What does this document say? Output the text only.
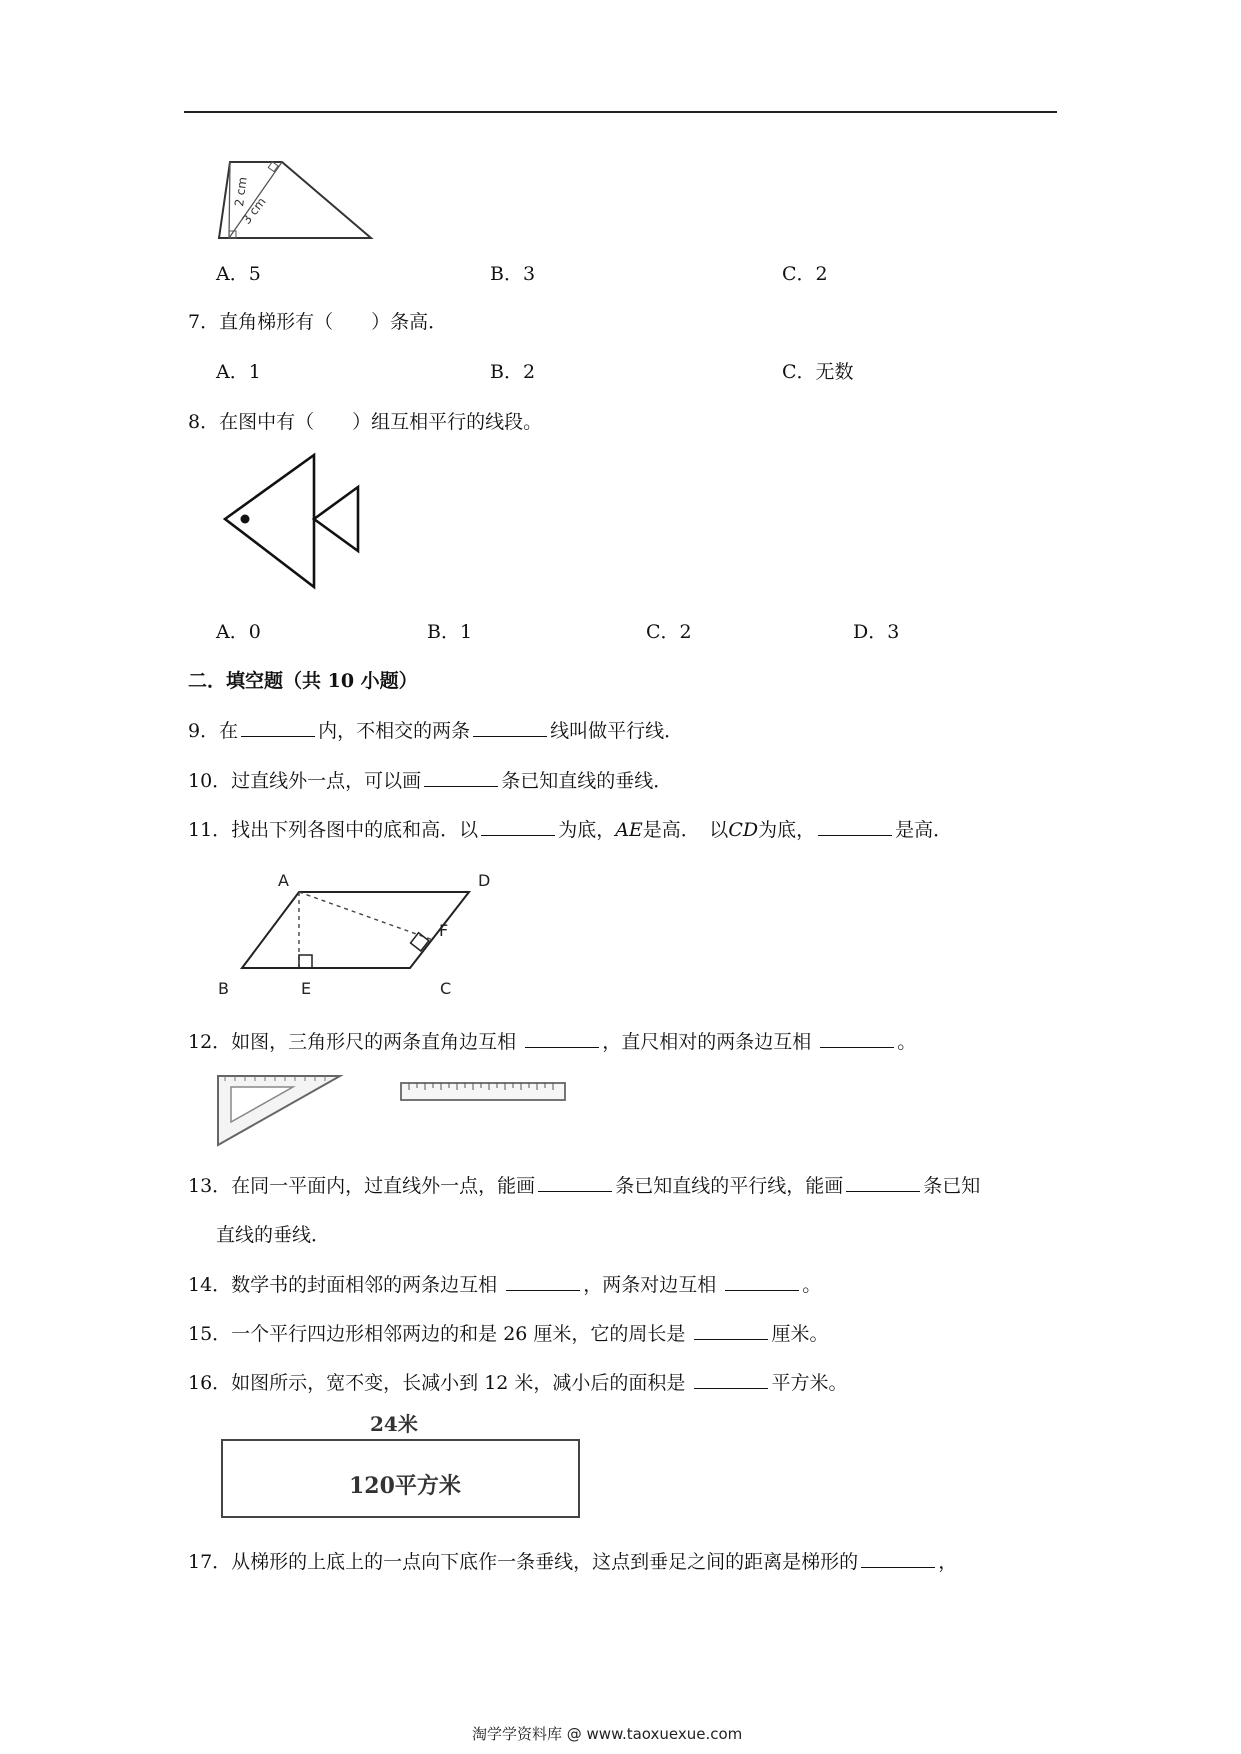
2 cm
3 cm
A．5	B．3	C．2
7．直角梯形有（　　）条高．
A．1	B．2	C．无数
8．在图中有（　　）组互相平行的线段。
A．0	B．1	C．2	D．3
二．填空题（共 10 小题）
9．在	内，不相交的两条	线叫做平行线．
10．过直线外一点，可以画	条已知直线的垂线．
11．找出下列各图中的底和高．以	为底，AE是高．　以CD为底，	是高．
A	D
F
B	E	C
12．如图，三角形尺的两条直角边互相	，直尺相对的两条边互相	。
13．在同一平面内，过直线外一点，能画	条已知直线的平行线，能画	条已知
直线的垂线．
14．数学书的封面相邻的两条边互相	，两条对边互相	。
15．一个平行四边形相邻两边的和是 26 厘米，它的周长是	厘米。
16．如图所示，宽不变，长减小到 12 米，减小后的面积是	平方米。
24米
120平方米
17．从梯形的上底上的一点向下底作一条垂线，这点到垂足之间的距离是梯形的	，
淘学学资料库 @ www.taoxuexue.com
